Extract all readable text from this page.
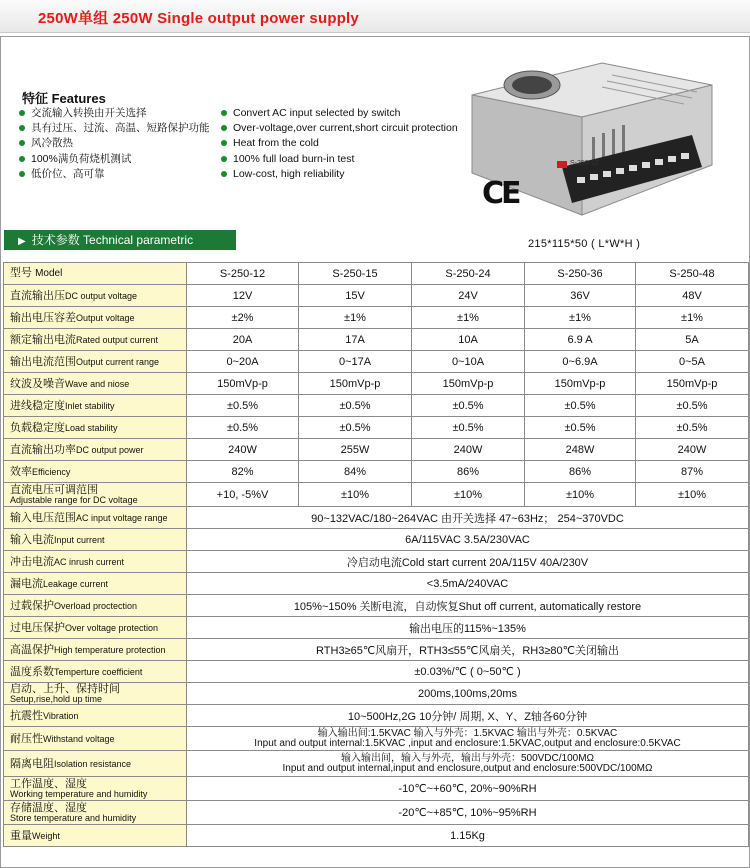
250W单组 250W Single output power supply
特征 Features
交流输入转换由开关选择
具有过压、过流、高温、短路保护功能
风冷散热
100%满负荷烧机测试
低价位、高可靠
Convert AC input selected by switch
Over-voltage,over current,short circuit protection
Heat from the cold
100% full load burn-in test
Low-cost, high reliability
S-250-12
CE
▶ 技术参数 Technical parametric	215*115*50 ( L*W*H )
型号 Model	S-250-12	S-250-15	S-250-24	S-250-36	S-250-48
直流输出压DC output voltage	12V	15V	24V	36V	48V
输出电压容差Output voltage	±2%	±1%	±1%	±1%	±1%
额定输出电流Rated output current	20A	17A	10A	6.9 A	5A
输出电流范围Output current range	0~20A	0~17A	0~10A	0~6.9A	0~5A
纹波及噪音Wave and niose	150mVp-p	150mVp-p	150mVp-p	150mVp-p	150mVp-p
进线稳定度Inlet stability	±0.5%	±0.5%	±0.5%	±0.5%	±0.5%
负载稳定度Load stability	±0.5%	±0.5%	±0.5%	±0.5%	±0.5%
直流输出功率DC output power	240W	255W	240W	248W	240W
效率Efficiency	82%	84%	86%	86%	87%

直流电压可调范围
Adjustable range for DC voltage	+10, -5%V	±10%	±10%	±10%	±10%
输入电压范围AC input voltage range	90~132VAC/180~264VAC 由开关选择 47~63Hz； 254~370VDC				
输入电流Input current	6A/115VAC 3.5A/230VAC				
冲击电流AC inrush current	冷启动电流Cold start current 20A/115V 40A/230V				
漏电流Leakage current	<3.5mA/240VAC				
过载保护Overload proctection	105%~150% 关断电流，自动恢复Shut off current, automatically restore				
过电压保护Over voltage protection	输出电压的115%~135%				
高温保护High temperature protection	RTH3≥65℃风扇开，RTH3≤55℃风扇关，RH3≥80℃关闭输出				
温度系数Temperture coefficient	±0.03%/℃ ( 0~50℃ )				

启动、上升、保持时间
Setup,rise,hold up time	200ms,100ms,20ms				
抗震性Vibration	10~500Hz,2G 10分钟/ 周期, X、Y、Z轴各60分钟				
耐压性Withstand voltage	输入输出间:1.5KVAC 输入与外壳：1.5KVAC 输出与外壳：0.5KVAC
Input and output internal:1.5KVAC ,input and enclosure:1.5KVAC,output and enclosure:0.5KVAC				

隔离电阻Isolation resistance	输入输出间，输入与外壳，输出与外壳：500VDC/100MΩ
Input and output internal,input and enclosure,output and enclosure:500VDC/100MΩ				

工作温度、湿度
Working temperature and humidity	-10℃~+60℃, 20%~90%RH				

存储温度、湿度
Store temperature and humidity	-20℃~+85℃, 10%~95%RH				
重量Weight	1.15Kg				
